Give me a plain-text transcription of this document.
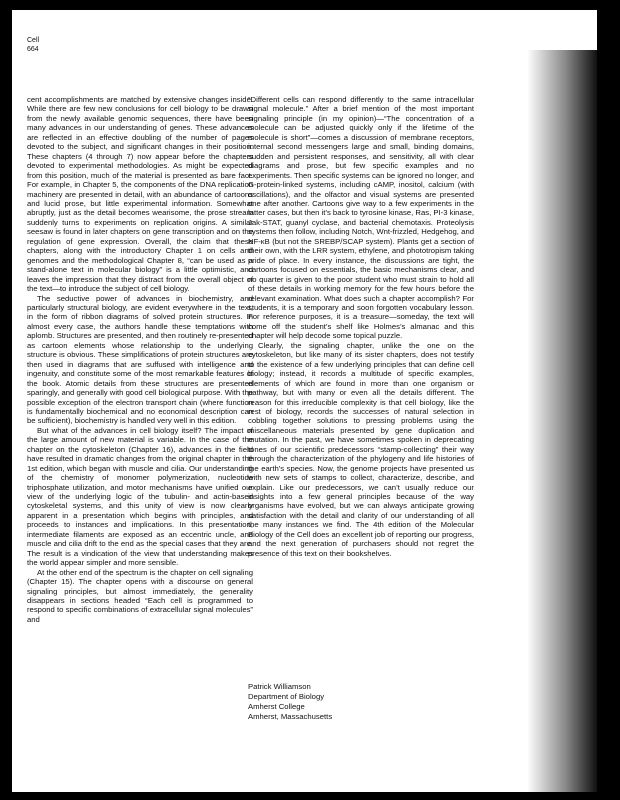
Cell
664

cent accomplishments are matched by extensive changes inside. While there are few new conclusions for cell biology to be drawn from the newly available genomic sequences, there have been many advances in our understanding of genes. These advances are reflected in an effective doubling of the number of pages devoted to the subject, and significant changes in their position. These chapters (4 through 7) now appear before the chapters devoted to experimental methodologies. As might be expected from this position, much of the material is presented as bare fact. For example, in Chapter 5, the components of the DNA replication machinery are presented in detail, with an abundance of cartoons and lucid prose, but little experimental information. Somewhat abruptly, just as the detail becomes wearisome, the prose stream suddenly turns to experiments on replication origins. A similar seesaw is found in later chapters on gene transcription and on the regulation of gene expression. Overall, the claim that these chapters, along with the introductory Chapter 1 on cells and genomes and the methodological Chapter 8, “can be used as a stand-alone text in molecular biology” is a little optimistic, and leaves the impression that they distract from the overall object of the text—to introduce the subject of cell biology.

The seductive power of advances in biochemistry, and particularly structural biology, are evident everywhere in the text, in the form of ribbon diagrams of solved protein structures. In almost every case, the authors handle these temptations with aplomb. Structures are presented, and then routinely re-presented as cartoon elements whose relationship to the underlying structure is obvious. These simplifications of protein structures are then used in diagrams that are suffused with intelligence and ingenuity, and constitute some of the most remarkable features of the book. Atomic details from these structures are presented sparingly, and generally with good cell biological purpose. With the possible exception of the electron transport chain (where function is fundamentally biochemical and no economical description can be sufficient), biochemistry is handled very well in this edition.

But what of the advances in cell biology itself? The impact of the large amount of new material is variable. In the case of the chapter on the cytoskeleton (Chapter 16), advances in the field have resulted in dramatic changes from the original chapter in the 1st edition, which began with muscle and cilia. Our understanding of the chemistry of monomer polymerization, nucleotide triphosphate utilization, and motor mechanisms have unified our view of the underlying logic of the tubulin- and actin-based cytoskeletal systems, and this unity of view is now clearly apparent in a presentation which begins with principles, and proceeds to instances and implications. In this presentation, intermediate filaments are exposed as an eccentric uncle, and muscle and cilia drift to the end as the special cases that they are. The result is a vindication of the view that understanding makes the world appear simpler and more sensible.

At the other end of the spectrum is the chapter on cell signaling (Chapter 15). The chapter opens with a discourse on general signaling principles, but almost immediately, the generality disappears in sections headed “Each cell is programmed to respond to specific combinations of extracellular signal molecules” and

“Different cells can respond differently to the same intracellular signal molecule.” After a brief mention of the most important signaling principle (in my opinion)—“The concentration of a molecule can be adjusted quickly only if the lifetime of the molecule is short”—comes a discussion of membrane receptors, internal second messengers large and small, binding domains, sudden and persistent responses, and sensitivity, all with clear diagrams and prose, but few specific examples and no experiments. Then specific systems can be ignored no longer, and G-protein-linked systems, including cAMP, inositol, calcium (with oscillations), and the olfactor and visual systems are presented one after another. Cartoons give way to a few experiments in the latter cases, but then it’s back to tyrosine kinase, Ras, PI-3 kinase, Jak-STAT, guanyl cyclase, and bacterial chemotaxis. Proteolysis systems then follow, including Notch, Wnt-frizzled, Hedgehog, and NF-κB (but not the SREBP/SCAP system). Plants get a section of their own, with the LRR system, ethylene, and phototropism taking pride of place. In every instance, the discussions are tight, the cartoons focused on essentials, the basic mechanisms clear, and no quarter is given to the poor student who must strain to hold all of these details in working memory for the few hours before the relevant examination. What does such a chapter accomplish? For students, it is a temporary and soon forgotten vocabulary lesson. For reference purposes, it is a treasure—someday, the text will come off the student’s shelf like Holmes’s almanac and this chapter will help decode some topical puzzle.

Clearly, the signaling chapter, unlike the one on the cytoskeleton, but like many of its sister chapters, does not testify to the existence of a few underlying principles that can define cell biology; instead, it records a multitude of specific examples, elements of which are found in more than one organism or pathway, but with many or even all the details different. The reason for this irreducible complexity is that cell biology, like the rest of biology, records the successes of natural selection in cobbling together solutions to pressing problems using the miscellaneous materials presented by gene duplication and mutation. In the past, we have sometimes spoken in deprecating tones of our scientific predecessors “stamp-collecting” their way through the characterization of the phylogeny and life histories of the earth’s species. Now, the genome projects have presented us with new sets of stamps to collect, characterize, describe, and explain. Like our predecessors, we can’t usually reduce our insights into a few general principles because of the way organisms have evolved, but we can always anticipate growing satisfaction with the detail and clarity of our understanding of all the many instances we find. The 4th edition of the Molecular Biology of the Cell does an excellent job of reporting our progress, and the next generation of purchasers should not regret the presence of this text on their bookshelves.

Patrick Williamson
Department of Biology
Amherst College
Amherst, Massachusetts
